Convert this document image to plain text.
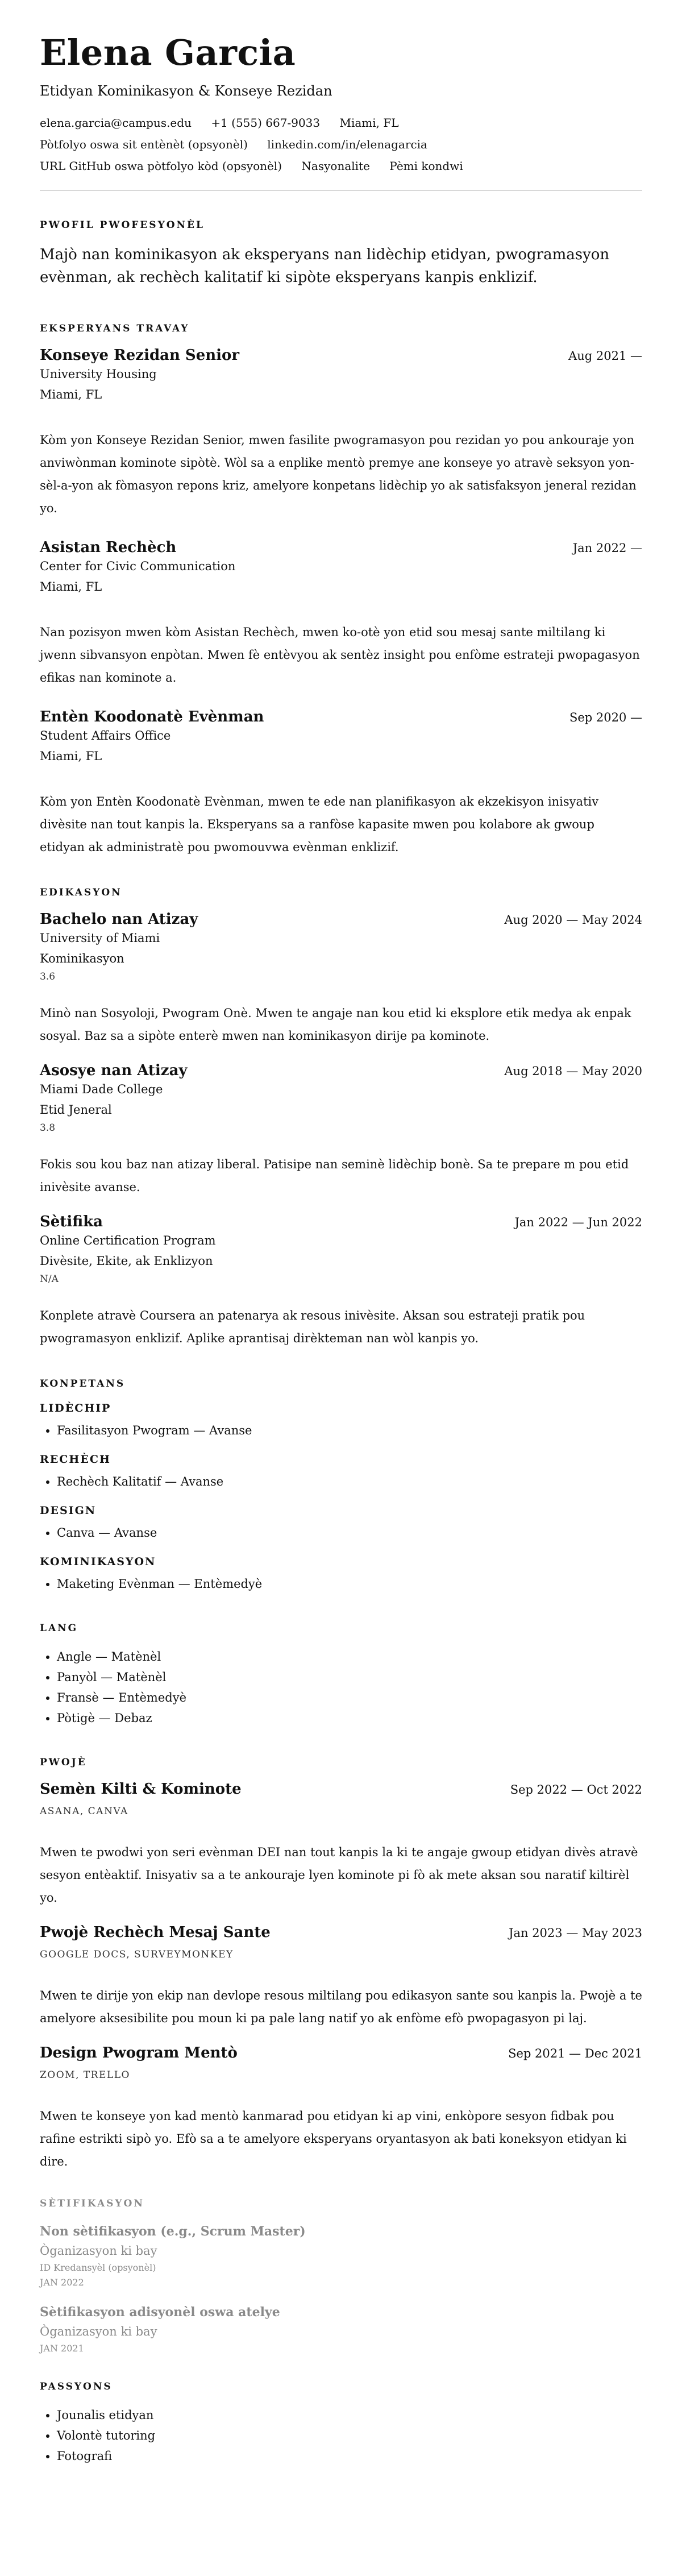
Elena Garcia
Etidyan Kominikasyon & Konseye Rezidan
elena.garcia@campus.edu +1 (555) 667-9033 Miami, FL
Pòtfolyo oswa sit entènèt (opsyonèl) linkedin.com/in/elenagarcia
URL GitHub oswa pòtfolyo kòd (opsyonèl) Nasyonalite Pèmi kondwi
PWOFIL PWOFESYONÈL
Majò nan kominikasyon ak eksperyans nan lidèchip etidyan, pwogramasyon evènman, ak rechèch kalitatif ki sipòte eksperyans kanpis enklizif.
EKSPERYANS TRAVAY
Konseye Rezidan Senior	Aug 2021 —
University Housing
Miami, FL
Kòm yon Konseye Rezidan Senior, mwen fasilite pwogramasyon pou rezidan yo pou ankouraje yon anviwònman kominote sipòtè. Wòl sa a enplike mentò premye ane konseye yo atravè seksyon yon-sèl-a-yon ak fòmasyon repons kriz, amelyore konpetans lidèchip yo ak satisfaksyon jeneral rezidan yo.
Asistan Rechèch	Jan 2022 —
Center for Civic Communication
Miami, FL
Nan pozisyon mwen kòm Asistan Rechèch, mwen ko-otè yon etid sou mesaj sante miltilang ki jwenn sibvansyon enpòtan. Mwen fè entèvyou ak sentèz insight pou enfòme estrateji pwopagasyon efikas nan kominote a.
Entèn Koodonatè Evènman	Sep 2020 —
Student Affairs Office
Miami, FL
Kòm yon Entèn Koodonatè Evènman, mwen te ede nan planifikasyon ak ekzekisyon inisyativ divèsite nan tout kanpis la. Eksperyans sa a ranfòse kapasite mwen pou kolabore ak gwoup etidyan ak administratè pou pwomouvwa evènman enklizif.
EDIKASYON
Bachelo nan Atizay	Aug 2020 — May 2024
University of Miami
Kominikasyon
3.6
Minò nan Sosyoloji, Pwogram Onè. Mwen te angaje nan kou etid ki eksplore etik medya ak enpak sosyal. Baz sa a sipòte enterè mwen nan kominikasyon dirije pa kominote.
Asosye nan Atizay	Aug 2018 — May 2020
Miami Dade College
Etid Jeneral
3.8
Fokis sou kou baz nan atizay liberal. Patisipe nan seminè lidèchip bonè. Sa te prepare m pou etid inivèsite avanse.
Sètifika	Jan 2022 — Jun 2022
Online Certification Program
Divèsite, Ekite, ak Enklizyon
N/A
Konplete atravè Coursera an patenarya ak resous inivèsite. Aksan sou estrateji pratik pou pwogramasyon enklizif. Aplike aprantisaj dirèkteman nan wòl kanpis yo.
KONPETANS
LIDÈCHIP
• Fasilitasyon Pwogram — Avanse
RECHÈCH
• Rechèch Kalitatif — Avanse
DESIGN
• Canva — Avanse
KOMINIKASYON
• Maketing Evènman — Entèmedyè
LANG
• Angle — Matènèl
• Panyòl — Matènèl
• Fransè — Entèmedyè
• Pòtigè — Debaz
PWOJÈ
Semèn Kilti & Kominote	Sep 2022 — Oct 2022
ASANA, CANVA
Mwen te pwodwi yon seri evènman DEI nan tout kanpis la ki te angaje gwoup etidyan divès atravè sesyon entèaktif. Inisyativ sa a te ankouraje lyen kominote pi fò ak mete aksan sou naratif kiltirèl yo.
Pwojè Rechèch Mesaj Sante	Jan 2023 — May 2023
GOOGLE DOCS, SURVEYMONKEY
Mwen te dirije yon ekip nan devlope resous miltilang pou edikasyon sante sou kanpis la. Pwojè a te amelyore aksesibilite pou moun ki pa pale lang natif yo ak enfòme efò pwopagasyon pi laj.
Design Pwogram Mentò	Sep 2021 — Dec 2021
ZOOM, TRELLO
Mwen te konseye yon kad mentò kanmarad pou etidyan ki ap vini, enkòpore sesyon fidbak pou rafine estrikti sipò yo. Efò sa a te amelyore eksperyans oryantasyon ak bati koneksyon etidyan ki dire.
SÈTIFIKASYON
Non sètifikasyon (e.g., Scrum Master)
Òganizasyon ki bay
ID Kredansyèl (opsyonèl)
JAN 2022
Sètifikasyon adisyonèl oswa atelye
Òganizasyon ki bay
JAN 2021
PASSYONS
• Jounalis etidyan
• Volontè tutoring
• Fotografi
